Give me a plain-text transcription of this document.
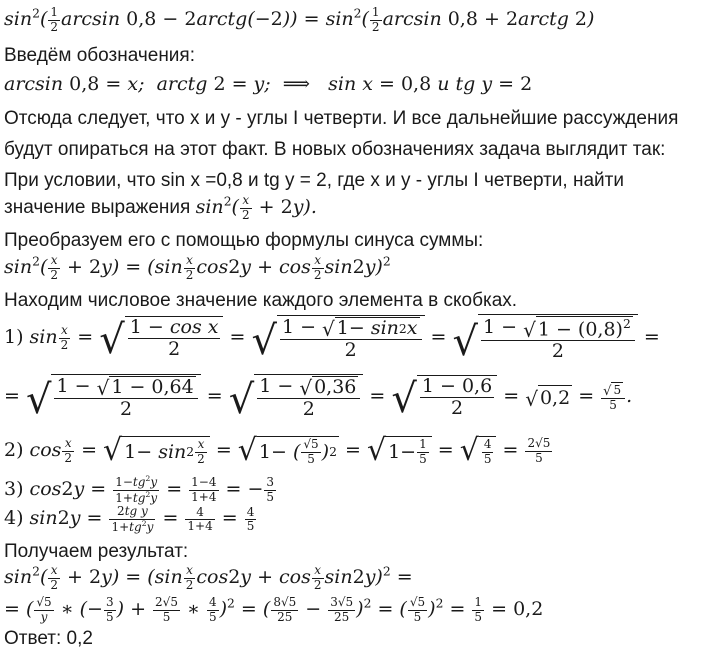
$\sin^2( \frac{1}{2}$ arcsin 0,8 − 2arctg(−2)) = $\sin^2( \frac{1}{2}$ arcsin 0,8 + 2arctg 2)
Введём обозначения:
arcsin 0,8 = x;  arctg 2 = y;  ⟹   sin x = 0,8 u tg y = 2
Отсюда следует, что x и y - углы I четверти. И все дальнейшие рассуждения
будут опираться на этот факт. В новых обозначениях задача выглядит так:
При условии, что sin x =0,8 и tg y = 2, где x и y - углы I четверти, найти
значение выражения $\sin^2( \frac{x}{2} + 2y)$.
Преобразуем его с помощью формулы синуса суммы:
$\sin^2( \frac{x}{2} + 2y) = (\sin \frac{x}{2} \cos 2y + \cos \frac{x}{2} \sin 2y)^2$
Находим числовое значение каждого элемента в скобках.
1) $\sin \frac{x}{2}$ = √ $\frac{\text{1 − cos x}}{2}$ = √ $\frac{1 - √ 1 - \sin 2 x}{2}$ = √ $\frac{1 - √ 1 - (0,8)^2}{2}$ =
= √ $\frac{1 - √ 1 - 0,64}{2}$ = √ $\frac{1 - √ 0,36}{2}$ = √ $\frac{1 - 0,6}{2}$ = √ $0,2 = \frac{√ 5}{5}$ .
2) $\cos \frac{x}{2}$ = √ $1 - \sin 2 \frac{x}{2}$ = √ 1 − ( $\frac{√5}{5}$ ) 2 = √ $1 - \frac{1}{5}$ = √ $\frac{4}{5} = \frac{2√5}{5}$
3) $\cos 2y = \frac{1-tg^2y}{1+tg^2y} = \frac{1-4}{1+4}$ = − $\frac{3}{5}$
4) $\sin 2y = \frac{\text{2tg y}}{1+tg^2y} = \frac{4}{1+4} = \frac{4}{5}$
Получаем результат:
$\sin^2( \frac{x}{2} + 2y) = (\sin \frac{x}{2} \cos 2y + \cos \frac{x}{2} \sin 2y)^2$ =
= ( $\frac{√5}{y}$ ∗ (− $\frac{3}{5}$ ) + $\frac{2√5}{5}$ ∗ $\frac{4}{5} )^2$ = ( $\frac{8√5}{25} - \frac{3√5}{25} )^2$ = ( $\frac{√5}{5} )^2 = \frac{1}{5} = 0,2$
Ответ: 0,2
